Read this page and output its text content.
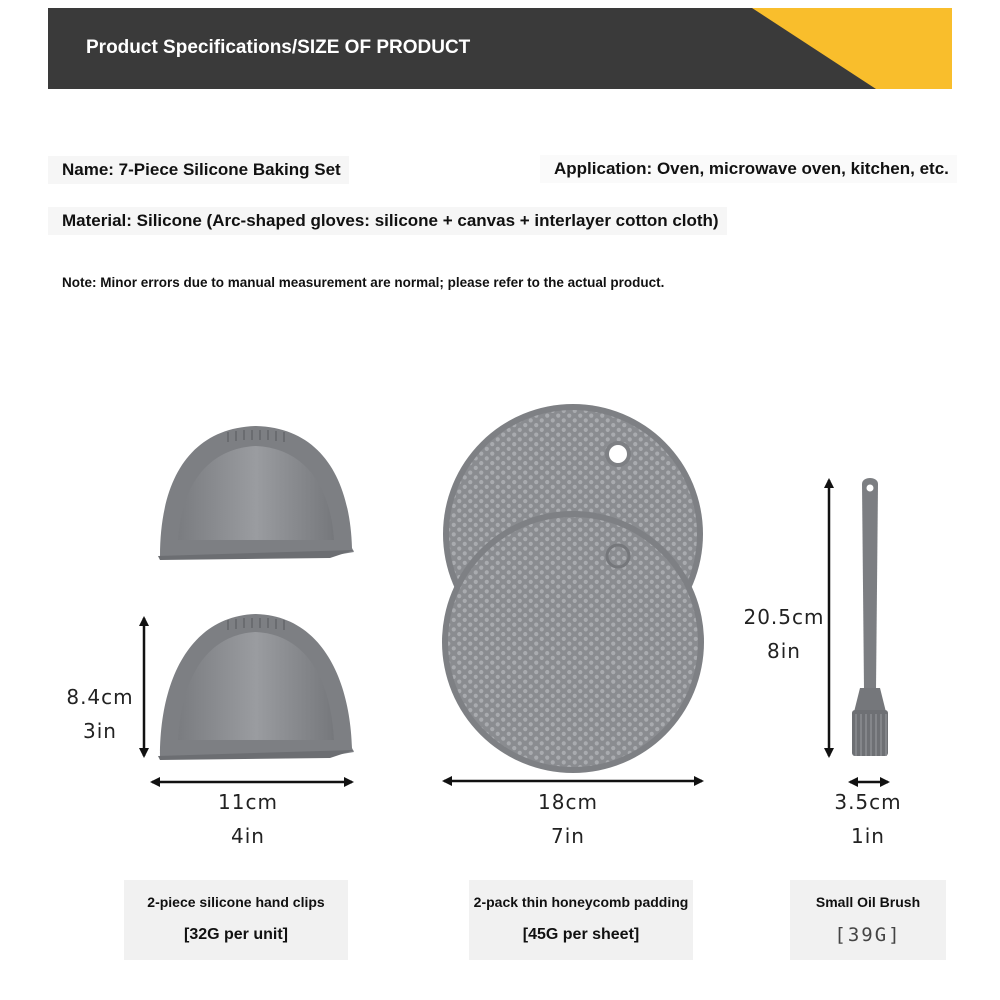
Product Specifications/SIZE OF PRODUCT
Name: 7-Piece Silicone Baking Set	Application: Oven, microwave oven, kitchen, etc.
Material: Silicone (Arc-shaped gloves: silicone + canvas + interlayer cotton cloth)
Note: Minor errors due to manual measurement are normal; please refer to the actual product.
8.4cm
3in
11cm
4in
18cm
7in
20.5cm
8in
3.5cm
1in
2-piece silicone hand clips
[32G per unit]
2-pack thin honeycomb padding
[45G per sheet]
Small Oil Brush
[39G]
